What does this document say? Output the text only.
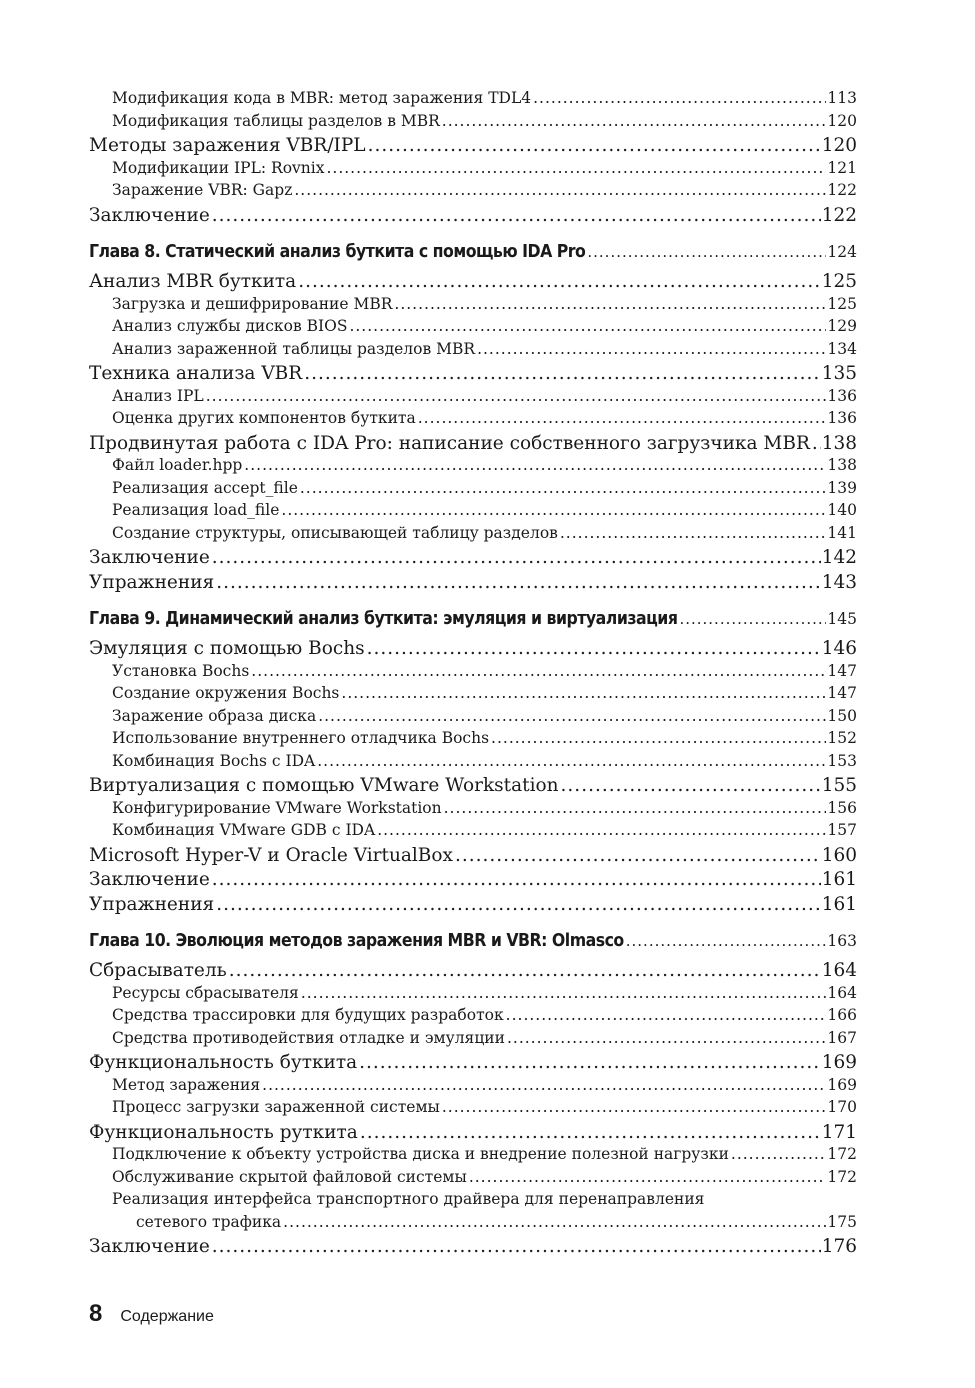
Модификация кода в MBR: метод заражения TDL4 .....	113
Модификация таблицы разделов в MBR .....	120
Методы заражения VBR/IPL .....	120
Модификации IPL: Rovnix .....	121
Заражение VBR: Gapz .....	122
Заключение .....	122
Глава 8. Статический анализ буткита с помощью IDA Pro .....	124
Анализ MBR буткита .....	125
Загрузка и дешифрирование MBR .....	125
Анализ службы дисков BIOS .....	129
Анализ зараженной таблицы разделов MBR .....	134
Техника анализа VBR .....	135
Анализ IPL .....	136
Оценка других компонентов буткита .....	136
Продвинутая работа с IDA Pro: написание собственного загрузчика MBR ..... 138
Файл loader.hpp .....	138
Реализация accept_file .....	139
Реализация load_file .....	140
Создание структуры, описывающей таблицу разделов .....	141
Заключение .....	142
Упражнения .....	143
Глава 9. Динамический анализ буткита: эмуляция и виртуализация .....	145
Эмуляция с помощью Bochs .....	146
Установка Bochs .....	147
Создание окружения Bochs .....	147
Заражение образа диска .....	150
Использование внутреннего отладчика Bochs .....	152
Комбинация Bochs с IDA .....	153
Виртуализация с помощью VMware Workstation .....	155
Конфигурирование VMware Workstation .....	156
Комбинация VMware GDB с IDA .....	157
Microsoft Hyper-V и Oracle VirtualBox .....	160
Заключение .....	161
Упражнения .....	161
Глава 10. Эволюция методов заражения MBR и VBR: Olmasco .....	163
Сбрасыватель .....	164
Ресурсы сбрасывателя .....	164
Средства трассировки для будущих разработок .....	166
Средства противодействия отладке и эмуляции .....	167
Функциональность буткита .....	169
Метод заражения .....	169
Процесс загрузки зараженной системы .....	170
Функциональность руткита .....	171
Подключение к объекту устройства диска и внедрение полезной нагрузки .....	172
Обслуживание скрытой файловой системы .....	172
Реализация интерфейса транспортного драйвера для перенаправления
сетевого трафика .....	175
Заключение .....	176
8 Содержание
